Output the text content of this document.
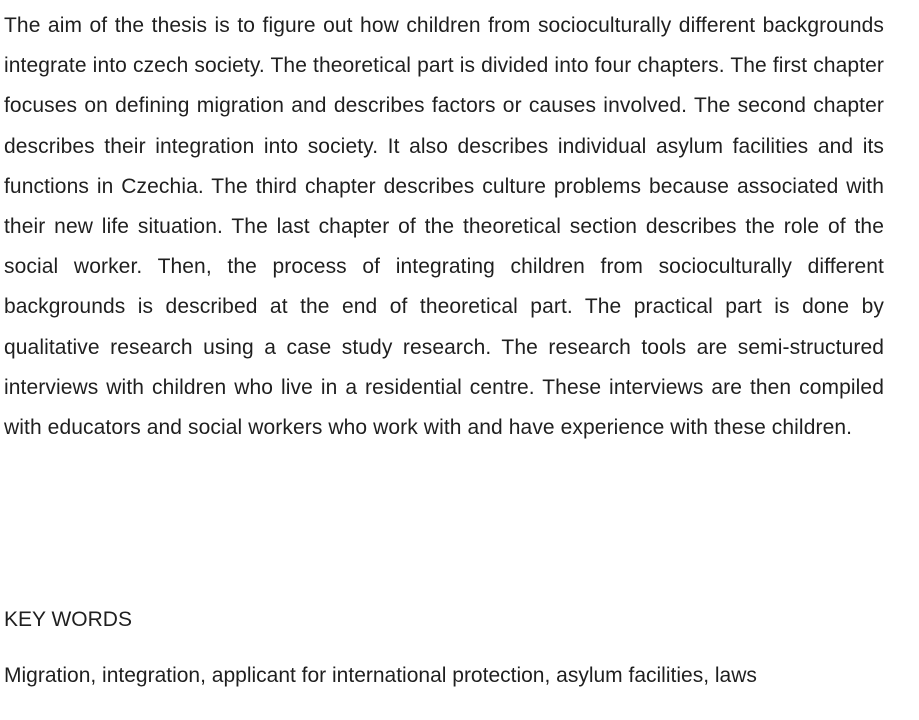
The aim of the thesis is to figure out how children from socioculturally different backgrounds integrate into czech society. The theoretical part is divided into four chapters. The first chapter focuses on defining migration and describes factors or causes involved. The second chapter describes their integration into society. It also describes individual asylum facilities and its functions in Czechia. The third chapter describes culture problems because associated with their new life situation. The last chapter of the theoretical section describes the role of the social worker. Then, the process of integrating children from socioculturally different backgrounds is described at the end of theoretical part. The practical part is done by qualitative research using a case study research. The research tools are semi-structured interviews with children who live in a residential centre. These interviews are then compiled with educators and social workers who work with and have experience with these children.

KEY WORDS

Migration, integration, applicant for international protection, asylum facilities, laws
